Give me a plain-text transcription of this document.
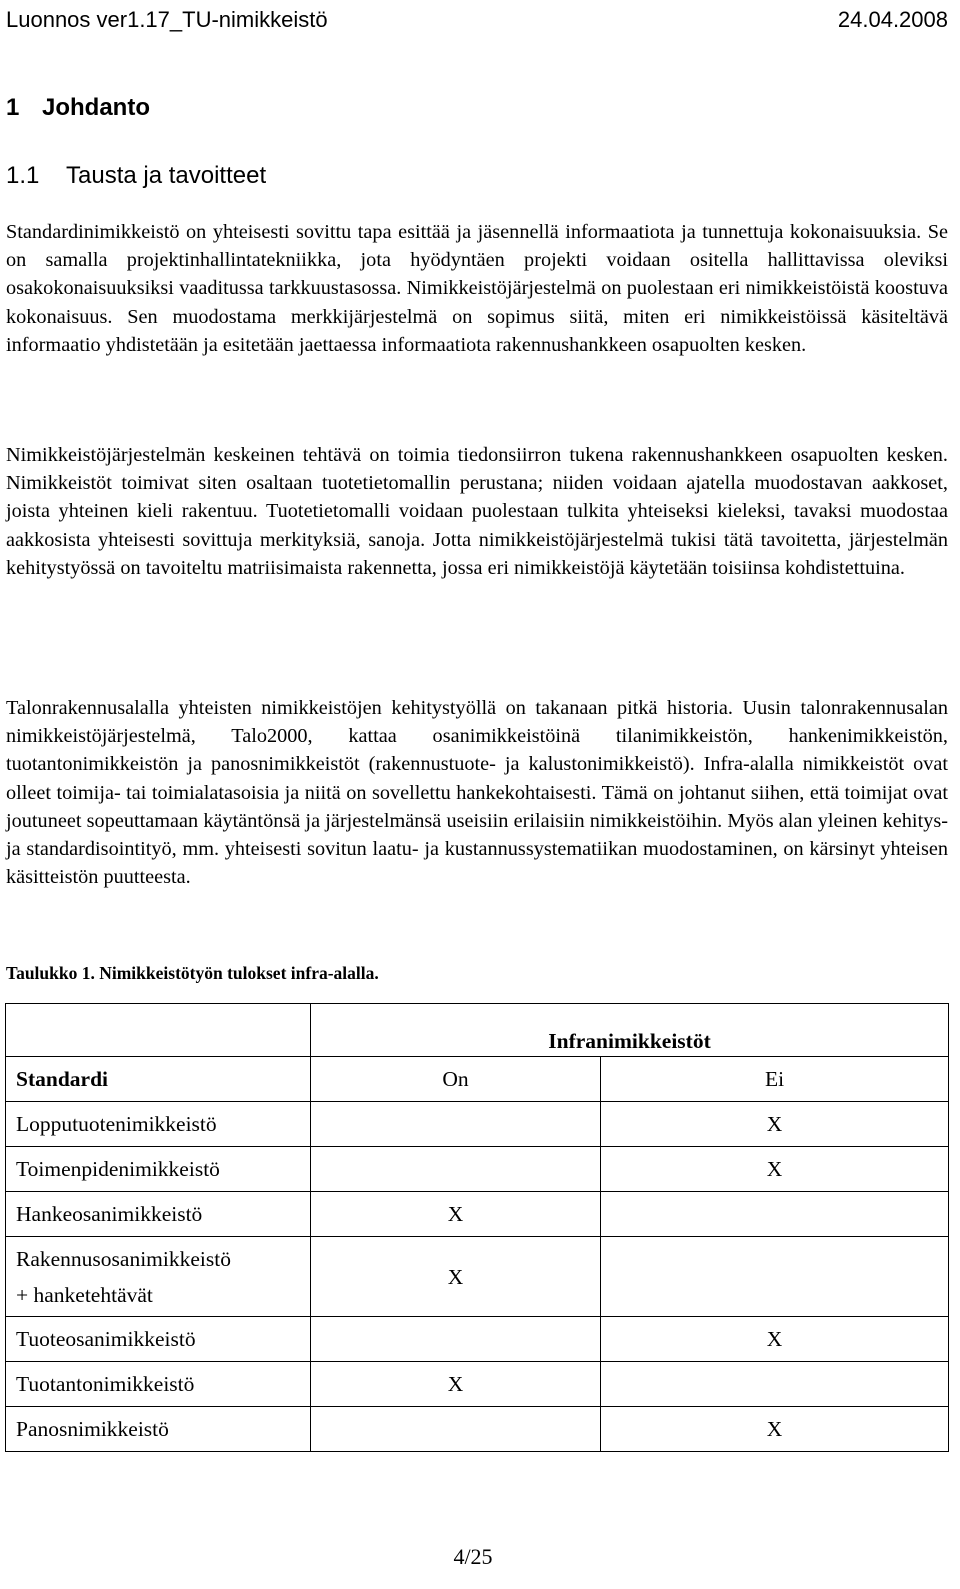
Luonnos ver1.17_TU-nimikkeistö	24.04.2008
1 Johdanto
1.1 Tausta ja tavoitteet

Standardinimikkeistö on yhteisesti sovittu tapa esittää ja jäsennellä informaatiota ja tunnettuja kokonaisuuksia. Se on samalla projektinhallintatekniikka, jota hyödyntäen projekti voidaan ositella hallittavissa oleviksi osakokonaisuuksiksi vaaditussa tarkkuustasossa. Nimikkeistöjärjestelmä on puolestaan eri nimikkeistöistä koostuva kokonaisuus. Sen muodostama merkkijärjestelmä on sopimus siitä, miten eri nimikkeistöissä käsiteltävä informaatio yhdistetään ja esitetään jaettaessa informaatiota rakennushankkeen osapuolten kesken.

Nimikkeistöjärjestelmän keskeinen tehtävä on toimia tiedonsiirron tukena rakennushankkeen osapuolten kesken. Nimikkeistöt toimivat siten osaltaan tuotetietomallin perustana; niiden voidaan ajatella muodostavan aakkoset, joista yhteinen kieli rakentuu. Tuotetietomalli voidaan puolestaan tulkita yhteiseksi kieleksi, tavaksi muodostaa aakkosista yhteisesti sovittuja merkityksiä, sanoja. Jotta nimikkeistöjärjestelmä tukisi tätä tavoitetta, järjestelmän kehitystyössä on tavoiteltu matriisimaista rakennetta, jossa eri nimikkeistöjä käytetään toisiinsa kohdistettuina.

Talonrakennusalalla yhteisten nimikkeistöjen kehitystyöllä on takanaan pitkä historia. Uusin talonrakennusalan nimikkeistöjärjestelmä, Talo2000, kattaa osanimikkeistöinä tilanimikkeistön, hankenimikkeistön, tuotantonimikkeistön ja panosnimikkeistöt (rakennustuote- ja kalustonimikkeistö). Infra-alalla nimikkeistöt ovat olleet toimija- tai toimialatasoisia ja niitä on sovellettu hankekohtaisesti. Tämä on johtanut siihen, että toimijat ovat joutuneet sopeuttamaan käytäntönsä ja järjestelmänsä useisiin erilaisiin nimikkeistöihin. Myös alan yleinen kehitys- ja standardisointityö, mm. yhteisesti sovitun laatu- ja kustannussystematiikan muodostaminen, on kärsinyt yhteisen käsitteistön puutteesta.

Taulukko 1. Nimikkeistötyön tulokset infra-alalla.
	Infranimikkeistöt	
Standardi	On	Ei
Lopputuotenimikkeistö		X
Toimenpidenimikkeistö		X
Hankeosanimikkeistö	X	

Rakennusosanimikkeistö
+ hanketehtävät	X	
Tuoteosanimikkeistö		X
Tuotantonimikkeistö	X	
Panosnimikkeistö		X
4/25
